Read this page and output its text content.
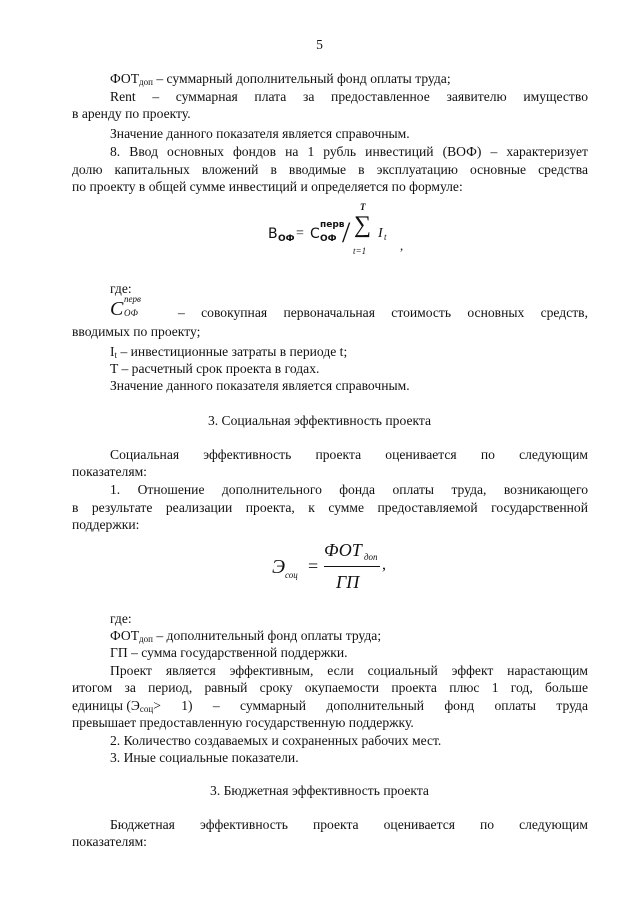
5
$ФОТ_{доп}$ – суммарный дополнительный фонд оплаты труда;
Rent – суммарная плата за предоставленное заявителю имущество
в аренду по проекту.
Значение данного показателя является справочным.
8. Ввод основных фондов на 1 рубль инвестиций (ВОФ) – характеризует
долю капитальных вложений в вводимые в эксплуатацию основные средства
по проекту в общей сумме инвестиций и определяется по формуле:
B ОФ = C
перв
ОФ /
T
∑
t=1
I t
,
где:
C перв
ОФ	– совокупная первоначальная стоимость основных средств,
вводимых по проекту;
$I_t$ – инвестиционные затраты в периоде t;
T – расчетный срок проекта в годах.
Значение данного показателя является справочным.
3. Социальная эффективность проекта
Социальная эффективность проекта оценивается по следующим
показателям:
1. Отношение дополнительного фонда оплаты труда, возникающего
в результате реализации проекта, к сумме предоставляемой государственной
поддержки:
Э соц =
ФОТ доп
ГП
,
где:
$ФОТ_{доп}$ – дополнительный фонд оплаты труда;
ГП – сумма государственной поддержки.
Проект является эффективным, если социальный эффект нарастающим
итогом за период, равный сроку окупаемости проекта плюс 1 год, больше
единицы $(Э_{соц} > 1)$ – суммарный дополнительный фонд оплаты труда
превышает предоставленную государственную поддержку.
2. Количество создаваемых и сохраненных рабочих мест.
3. Иные социальные показатели.
3. Бюджетная эффективность проекта
Бюджетная эффективность проекта оценивается по следующим
показателям:
